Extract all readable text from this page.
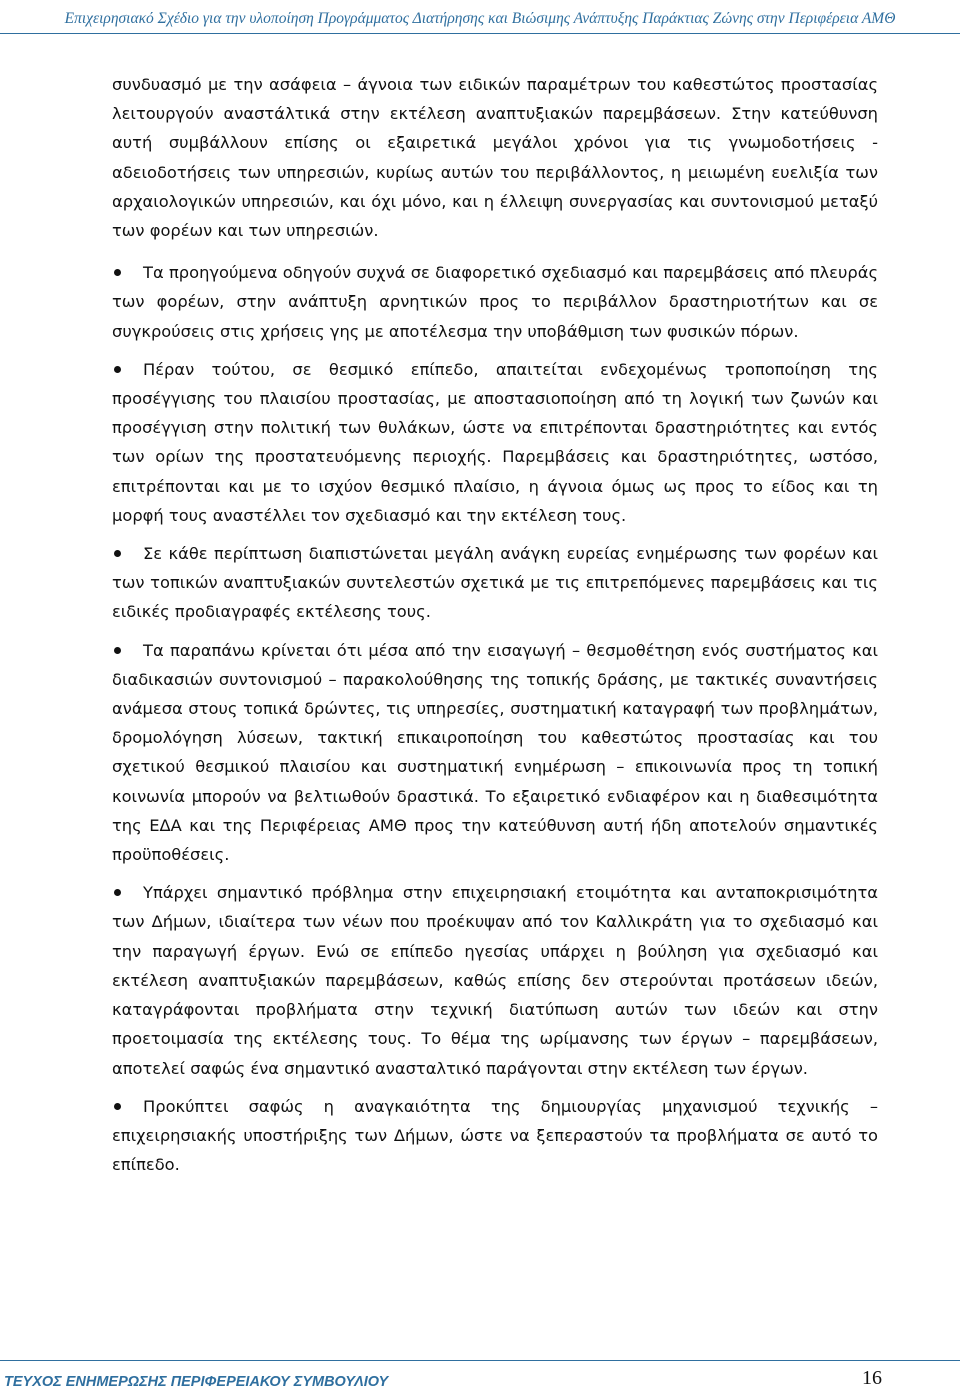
Επιχειρησιακό Σχέδιο για την υλοποίηση Προγράμματος Διατήρησης και Βιώσιμης Ανάπτυξης Παράκτιας Ζώνης στην Περιφέρεια ΑΜΘ

συνδυασμό με την ασάφεια – άγνοια των ειδικών παραμέτρων του καθεστώτος προστασίας λειτουργούν αναστάλτικά στην εκτέλεση αναπτυξιακών παρεμβάσεων. Στην κατεύθυνση αυτή συμβάλλουν επίσης οι εξαιρετικά μεγάλοι χρόνοι για τις γνωμοδοτήσεις - αδειοδοτήσεις των υπηρεσιών, κυρίως αυτών του περιβάλλοντος, η μειωμένη ευελιξία των αρχαιολογικών υπηρεσιών, και όχι μόνο, και η έλλειψη συνεργασίας και συντονισμού μεταξύ των φορέων και των υπηρεσιών.

Τα προηγούμενα οδηγούν συχνά σε διαφορετικό σχεδιασμό και παρεμβάσεις από πλευράς των φορέων, στην ανάπτυξη αρνητικών προς το περιβάλλον δραστηριοτήτων και σε συγκρούσεις στις χρήσεις γης με αποτέλεσμα την υποβάθμιση των φυσικών πόρων.

Πέραν τούτου, σε θεσμικό επίπεδο, απαιτείται ενδεχομένως τροποποίηση της προσέγγισης του πλαισίου προστασίας, με αποστασιοποίηση από τη λογική των ζωνών και προσέγγιση στην πολιτική των θυλάκων, ώστε να επιτρέπονται δραστηριότητες και εντός των ορίων της προστατευόμενης περιοχής. Παρεμβάσεις και δραστηριότητες, ωστόσο, επιτρέπονται και με το ισχύον θεσμικό πλαίσιο, η άγνοια όμως ως προς το είδος και τη μορφή τους αναστέλλει τον σχεδιασμό και την εκτέλεση τους.

Σε κάθε περίπτωση διαπιστώνεται μεγάλη ανάγκη ευρείας ενημέρωσης των φορέων και των τοπικών αναπτυξιακών συντελεστών σχετικά με τις επιτρεπόμενες παρεμβάσεις και τις ειδικές προδιαγραφές εκτέλεσης τους.

Τα παραπάνω κρίνεται ότι μέσα από την εισαγωγή – θεσμοθέτηση ενός συστήματος και διαδικασιών συντονισμού – παρακολούθησης της τοπικής δράσης, με τακτικές συναντήσεις ανάμεσα στους τοπικά δρώντες, τις υπηρεσίες, συστηματική καταγραφή των προβλημάτων, δρομολόγηση λύσεων, τακτική επικαιροποίηση του καθεστώτος προστασίας και του σχετικού θεσμικού πλαισίου και συστηματική ενημέρωση – επικοινωνία προς τη τοπική κοινωνία μπορούν να βελτιωθούν δραστικά. Το εξαιρετικό ενδιαφέρον και η διαθεσιμότητα της ΕΔΑ και της Περιφέρειας ΑΜΘ προς την κατεύθυνση αυτή ήδη αποτελούν σημαντικές προϋποθέσεις.

Υπάρχει σημαντικό πρόβλημα στην επιχειρησιακή ετοιμότητα και ανταποκρισιμότητα των Δήμων, ιδιαίτερα των νέων που προέκυψαν από τον Καλλικράτη για το σχεδιασμό και την παραγωγή έργων. Ενώ σε επίπεδο ηγεσίας υπάρχει η βούληση για σχεδιασμό και εκτέλεση αναπτυξιακών παρεμβάσεων, καθώς επίσης δεν στερούνται προτάσεων ιδεών, καταγράφονται προβλήματα στην τεχνική διατύπωση αυτών των ιδεών και στην προετοιμασία της εκτέλεσης τους. Το θέμα της ωρίμανσης των έργων – παρεμβάσεων, αποτελεί σαφώς ένα σημαντικό ανασταλτικό παράγονται στην εκτέλεση των έργων.

Προκύπτει σαφώς η αναγκαιότητα της δημιουργίας μηχανισμού τεχνικής – επιχειρησιακής υποστήριξης των Δήμων, ώστε να ξεπεραστούν τα προβλήματα σε αυτό το επίπεδο.

ΤΕΥΧΟΣ ΕΝΗΜΕΡΩΣΗΣ ΠΕΡΙΦΕΡΕΙΑΚΟΥ ΣΥΜΒΟΥΛΙΟΥ	16
